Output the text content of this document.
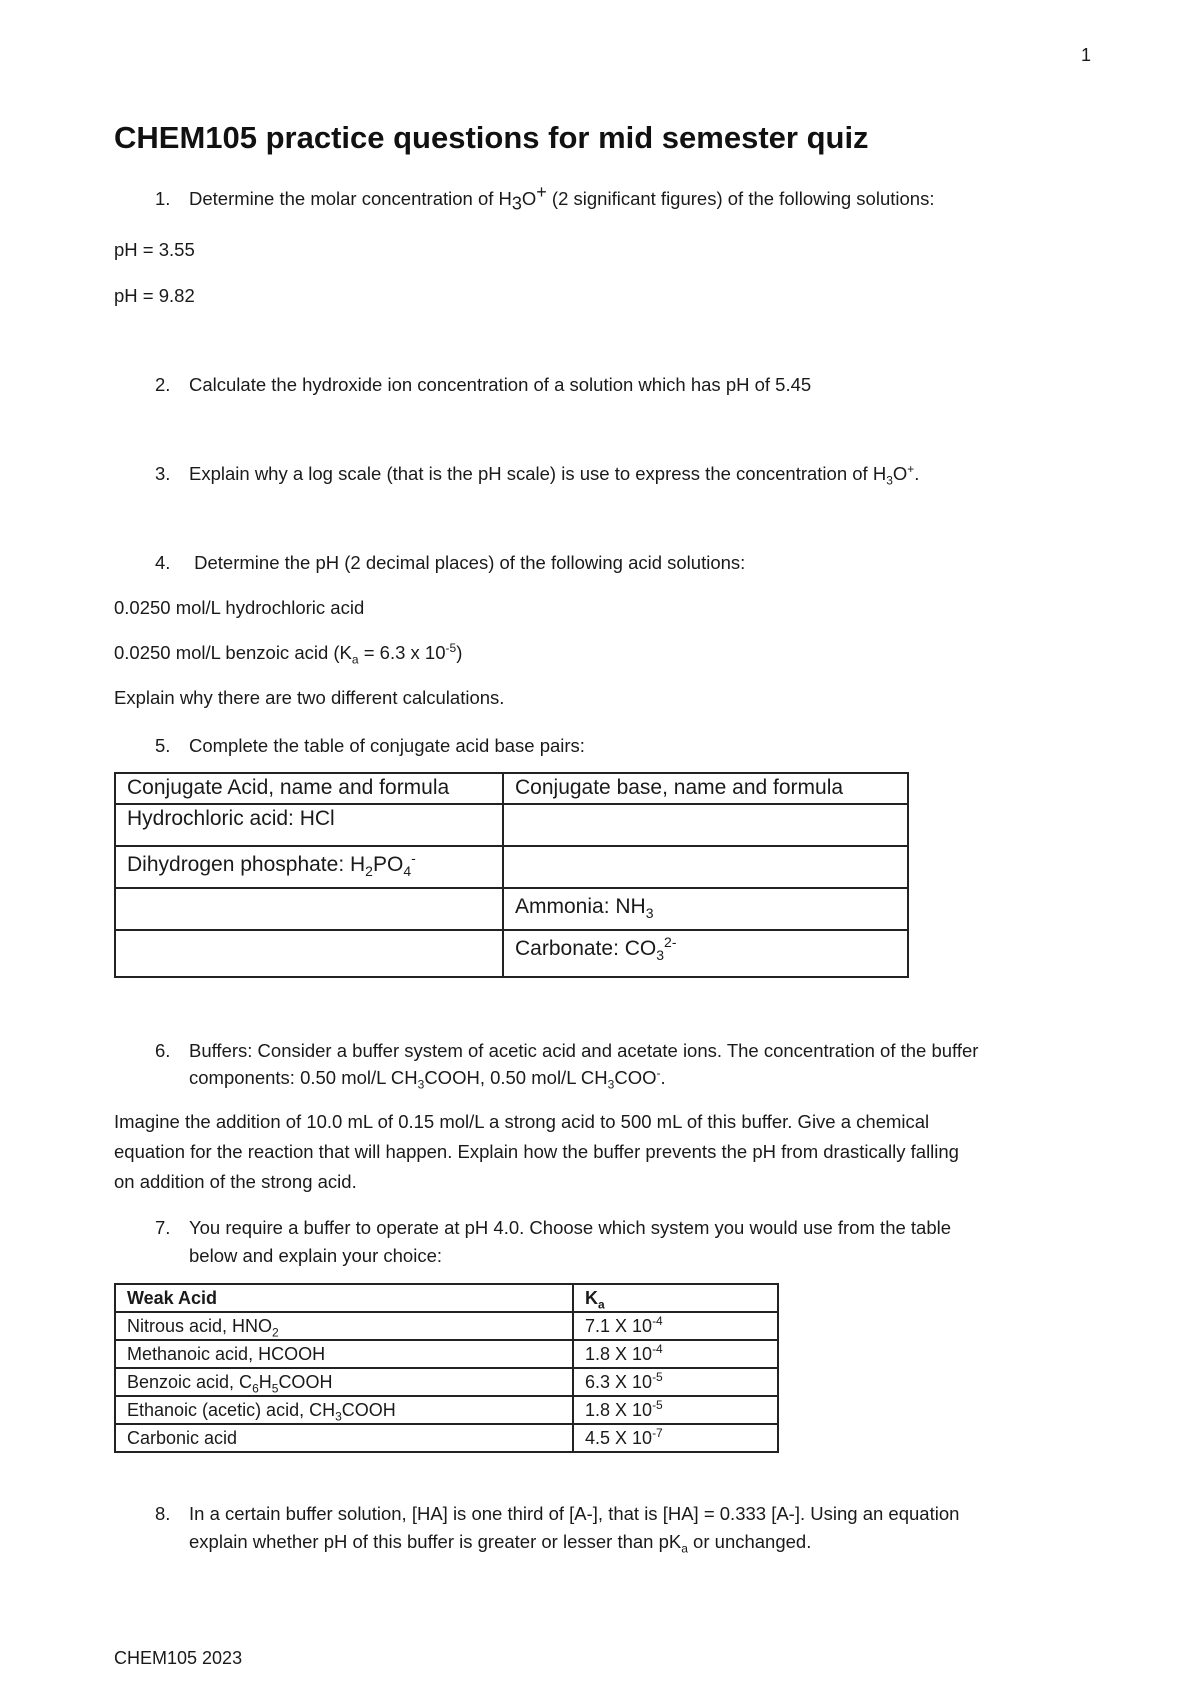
1
CHEM105 practice questions for mid semester quiz
1. Determine the molar concentration of $H_3O^+$ (2 significant figures) of the following solutions:
pH = 3.55
pH = 9.82
2. Calculate the hydroxide ion concentration of a solution which has pH of 5.45
3. Explain why a log scale (that is the pH scale) is use to express the concentration of $H_3O^+$.
4. Determine the pH (2 decimal places) of the following acid solutions:
0.0250 mol/L hydrochloric acid
0.0250 mol/L benzoic acid ($K_a = 6.3$ x $10^{-5}$)
Explain why there are two different calculations.
5. Complete the table of conjugate acid base pairs:
Conjugate Acid, name and formula	Conjugate base, name and formula
Hydrochloric acid: HCl	
Dihydrogen phosphate: $H_2PO_4^-$	
	Ammonia: $NH_3$
	Carbonate: $CO_3^{2-}$
6. Buffers: Consider a buffer system of acetic acid and acetate ions. The concentration of the buffer
components: 0.50 mol/L $CH_3COOH$, 0.50 mol/L $CH_3COO^-$.
Imagine the addition of 10.0 mL of 0.15 mol/L a strong acid to 500 mL of this buffer. Give a chemical
equation for the reaction that will happen. Explain how the buffer prevents the pH from drastically falling
on addition of the strong acid.
7. You require a buffer to operate at pH 4.0. Choose which system you would use from the table
below and explain your choice:
Weak Acid	$K_a$
Nitrous acid, $HNO_2$	7.1 X $10^{-4}$
Methanoic acid, HCOOH	1.8 X $10^{-4}$
Benzoic acid, $C_6H_5COOH$	6.3 X $10^{-5}$
Ethanoic (acetic) acid, $CH_3COOH$	1.8 X $10^{-5}$
Carbonic acid	4.5 X $10^{-7}$
8. In a certain buffer solution, [HA] is one third of [A-], that is [HA] = 0.333 [A-]. Using an equation
explain whether pH of this buffer is greater or lesser than $pK_a$ or unchanged.
CHEM105 2023
